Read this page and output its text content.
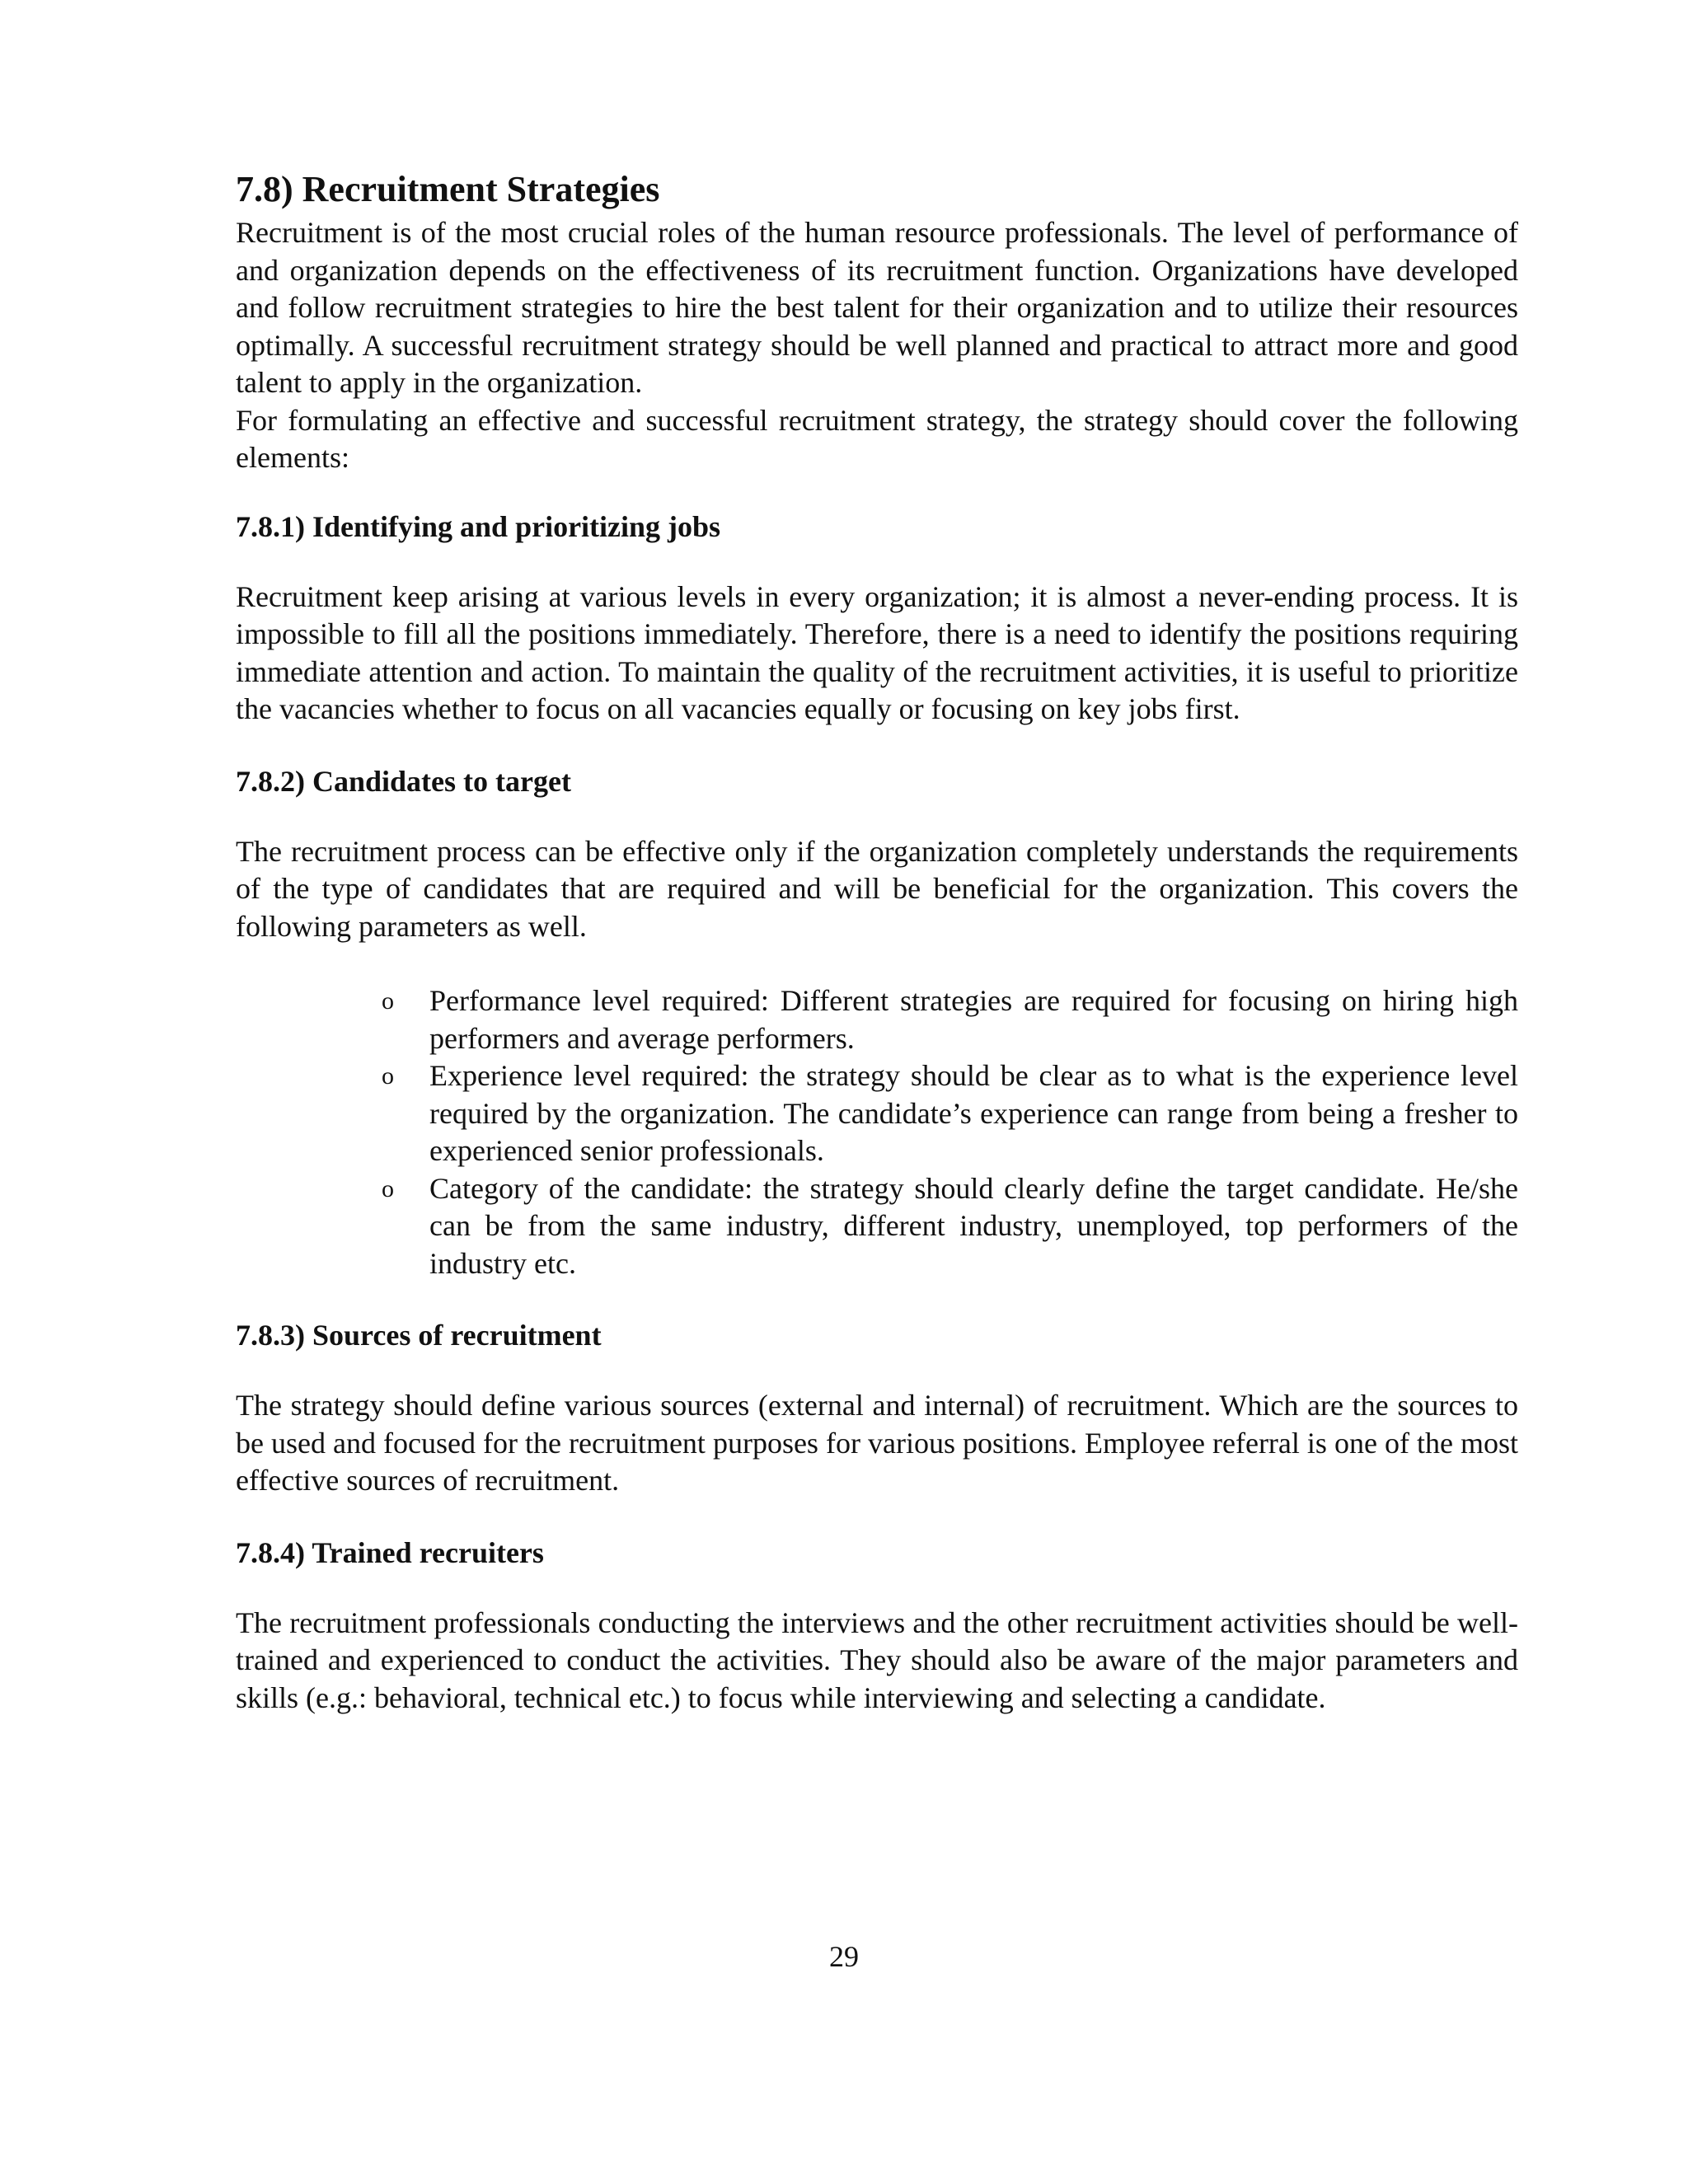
7.8) Recruitment Strategies

Recruitment is of the most crucial roles of the human resource professionals. The level of performance of and organization depends on the effectiveness of its recruitment function. Organizations have developed and follow recruitment strategies to hire the best talent for their organization and to utilize their resources optimally. A successful recruitment strategy should be well planned and practical to attract more and good talent to apply in the organization.

For formulating an effective and successful recruitment strategy, the strategy should cover the following elements:

7.8.1) Identifying and prioritizing jobs

Recruitment keep arising at various levels in every organization; it is almost a never-ending process. It is impossible to fill all the positions immediately. Therefore, there is a need to identify the positions requiring immediate attention and action. To maintain the quality of the recruitment activities, it is useful to prioritize the vacancies whether to focus on all vacancies equally or focusing on key jobs first.

7.8.2) Candidates to target

The recruitment process can be effective only if the organization completely understands the requirements of the type of candidates that are required and will be beneficial for the organization. This covers the following parameters as well.

o Performance level required: Different strategies are required for focusing on hiring high performers and average performers.

o Experience level required: the strategy should be clear as to what is the experience level required by the organization. The candidate’s experience can range from being a fresher to experienced senior professionals.

o Category of the candidate: the strategy should clearly define the target candidate. He/she can be from the same industry, different industry, unemployed, top performers of the industry etc.

7.8.3) Sources of recruitment

The strategy should define various sources (external and internal) of recruitment. Which are the sources to be used and focused for the recruitment purposes for various positions. Employee referral is one of the most effective sources of recruitment.

7.8.4) Trained recruiters

The recruitment professionals conducting the interviews and the other recruitment activities should be well-trained and experienced to conduct the activities. They should also be aware of the major parameters and skills (e.g.: behavioral, technical etc.) to focus while interviewing and selecting a candidate.

29
